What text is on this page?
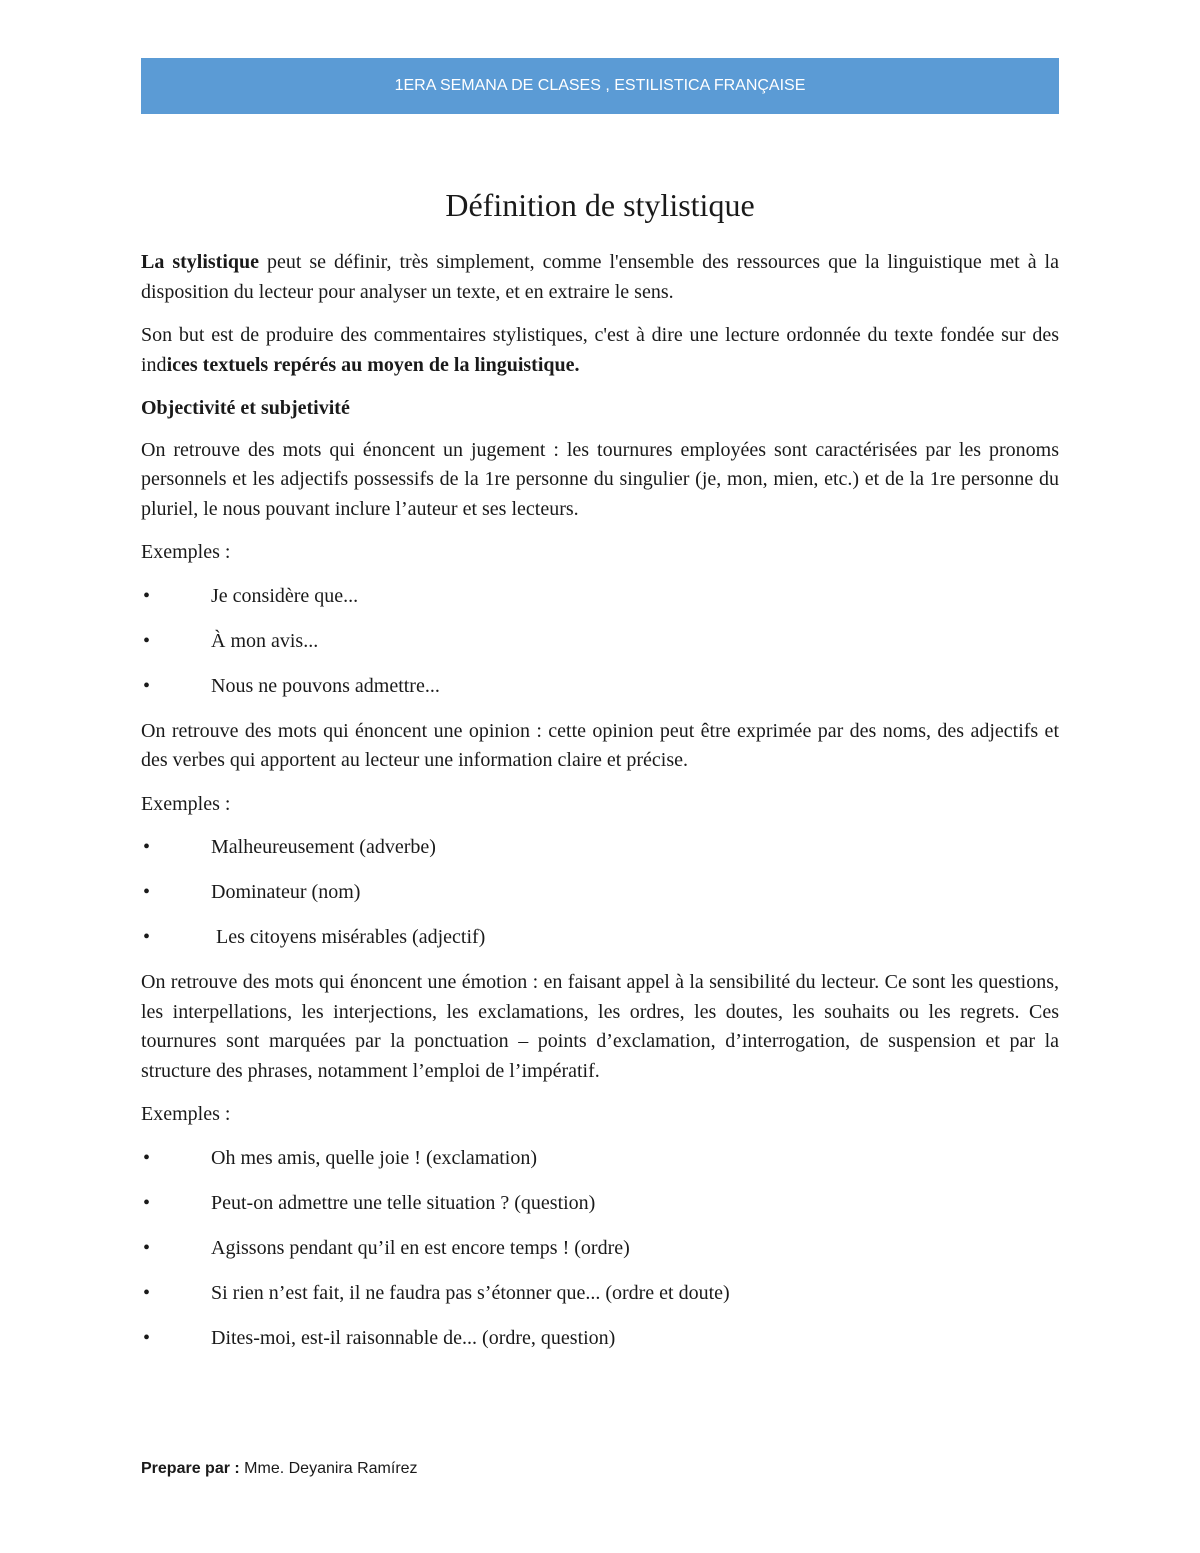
1ERA SEMANA DE CLASES , ESTILISTICA FRANÇAISE
Définition de stylistique

La stylistique peut se définir, très simplement, comme l'ensemble des ressources que la linguistique met à la disposition du lecteur pour analyser un texte, et en extraire le sens.

Son but est de produire des commentaires stylistiques, c'est à dire une lecture ordonnée du texte fondée sur des indices textuels repérés au moyen de la linguistique.

Objectivité et subjetivité

On retrouve des mots qui énoncent un jugement : les tournures employées sont caractérisées par les pronoms personnels et les adjectifs possessifs de la 1re personne du singulier (je, mon, mien, etc.) et de la 1re personne du pluriel, le nous pouvant inclure l’auteur et ses lecteurs.

Exemples :

•	Je considère que...
•	À mon avis...
•	Nous ne pouvons admettre...

On retrouve des mots qui énoncent une opinion : cette opinion peut être exprimée par des noms, des adjectifs et des verbes qui apportent au lecteur une information claire et précise.

Exemples :

•	Malheureusement (adverbe)
•	Dominateur (nom)
•	Les citoyens misérables (adjectif)

On retrouve des mots qui énoncent une émotion : en faisant appel à la sensibilité du lecteur. Ce sont les questions, les interpellations, les interjections, les exclamations, les ordres, les doutes, les souhaits ou les regrets. Ces tournures sont marquées par la ponctuation – points d’exclamation, d’interrogation, de suspension et par la structure des phrases, notamment l’emploi de l’impératif.

Exemples :

•	Oh mes amis, quelle joie ! (exclamation)
•	Peut-on admettre une telle situation ? (question)
•	Agissons pendant qu’il en est encore temps ! (ordre)
•	Si rien n’est fait, il ne faudra pas s’étonner que... (ordre et doute)
•	Dites-moi, est-il raisonnable de... (ordre, question)
Prepare par : Mme. Deyanira Ramírez
